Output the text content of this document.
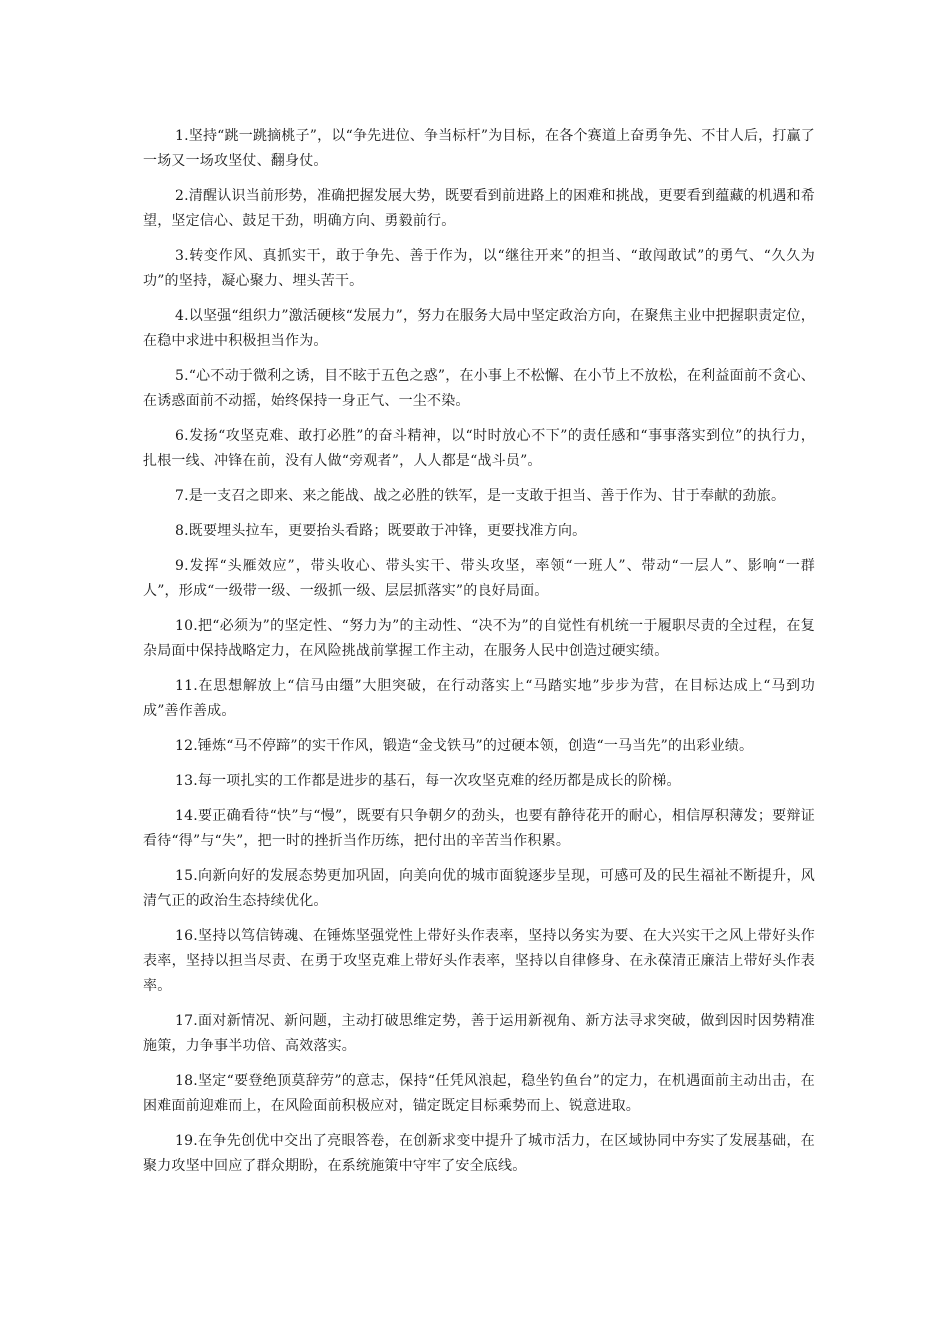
1.坚持“跳一跳摘桃子”，以“争先进位、争当标杆”为目标，在各个赛道上奋勇争先、不甘人后，打赢了一场又一场攻坚仗、翻身仗。

2.清醒认识当前形势，准确把握发展大势，既要看到前进路上的困难和挑战，更要看到蕴藏的机遇和希望，坚定信心、鼓足干劲，明确方向、勇毅前行。

3.转变作风、真抓实干，敢于争先、善于作为，以“继往开来”的担当、“敢闯敢试”的勇气、“久久为功”的坚持，凝心聚力、埋头苦干。

4.以坚强“组织力”激活硬核“发展力”，努力在服务大局中坚定政治方向，在聚焦主业中把握职责定位，在稳中求进中积极担当作为。

5.“心不动于微利之诱，目不眩于五色之惑”，在小事上不松懈、在小节上不放松，在利益面前不贪心、在诱惑面前不动摇，始终保持一身正气、一尘不染。

6.发扬“攻坚克难、敢打必胜”的奋斗精神，以“时时放心不下”的责任感和“事事落实到位”的执行力，扎根一线、冲锋在前，没有人做“旁观者”，人人都是“战斗员”。

7.是一支召之即来、来之能战、战之必胜的铁军，是一支敢于担当、善于作为、甘于奉献的劲旅。

8.既要埋头拉车，更要抬头看路；既要敢于冲锋，更要找准方向。

9.发挥“头雁效应”，带头收心、带头实干、带头攻坚，率领“一班人”、带动“一层人”、影响“一群人”，形成“一级带一级、一级抓一级、层层抓落实”的良好局面。

10.把“必须为”的坚定性、“努力为”的主动性、“决不为”的自觉性有机统一于履职尽责的全过程，在复杂局面中保持战略定力，在风险挑战前掌握工作主动，在服务人民中创造过硬实绩。

11.在思想解放上“信马由缰”大胆突破，在行动落实上“马踏实地”步步为营，在目标达成上“马到功成”善作善成。

12.锤炼“马不停蹄”的实干作风，锻造“金戈铁马”的过硬本领，创造“一马当先”的出彩业绩。

13.每一项扎实的工作都是进步的基石，每一次攻坚克难的经历都是成长的阶梯。

14.要正确看待“快”与“慢”，既要有只争朝夕的劲头，也要有静待花开的耐心，相信厚积薄发；要辩证看待“得”与“失”，把一时的挫折当作历练，把付出的辛苦当作积累。

15.向新向好的发展态势更加巩固，向美向优的城市面貌逐步呈现，可感可及的民生福祉不断提升，风清气正的政治生态持续优化。

16.坚持以笃信铸魂、在锤炼坚强党性上带好头作表率，坚持以务实为要、在大兴实干之风上带好头作表率，坚持以担当尽责、在勇于攻坚克难上带好头作表率，坚持以自律修身、在永葆清正廉洁上带好头作表率。

17.面对新情况、新问题，主动打破思维定势，善于运用新视角、新方法寻求突破，做到因时因势精准施策，力争事半功倍、高效落实。

18.坚定“要登绝顶莫辞劳”的意志，保持“任凭风浪起，稳坐钓鱼台”的定力，在机遇面前主动出击，在困难面前迎难而上，在风险面前积极应对，锚定既定目标乘势而上、锐意进取。

19.在争先创优中交出了亮眼答卷，在创新求变中提升了城市活力，在区域协同中夯实了发展基础，在聚力攻坚中回应了群众期盼，在系统施策中守牢了安全底线。
